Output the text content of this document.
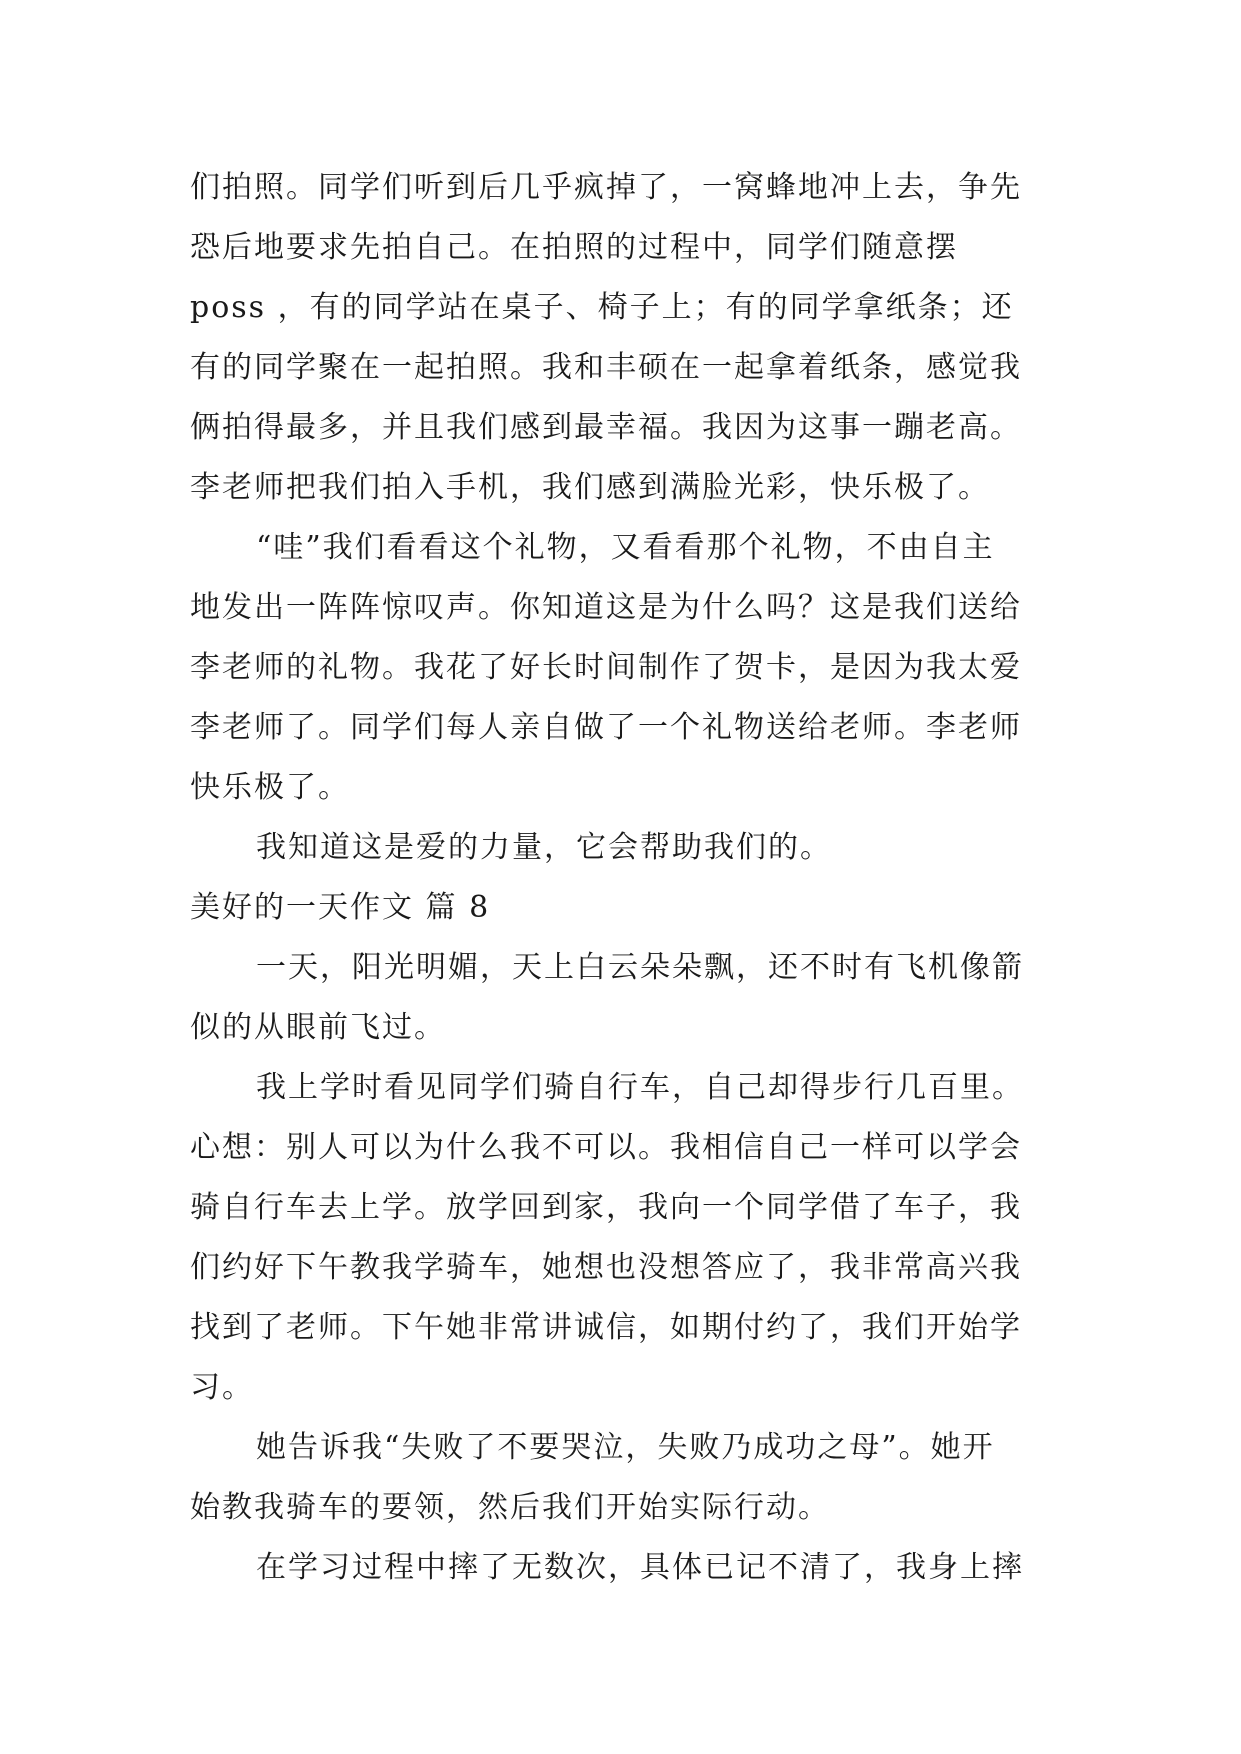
们拍照。同学们听到后几乎疯掉了，一窝蜂地冲上去，争先

恐后地要求先拍自己。在拍照的过程中，同学们随意摆

poss ，有的同学站在桌子、椅子上；有的同学拿纸条；还

有的同学聚在一起拍照。我和丰硕在一起拿着纸条，感觉我

俩拍得最多，并且我们感到最幸福。我因为这事一蹦老高。

李老师把我们拍入手机，我们感到满脸光彩，快乐极了。

“哇”我们看看这个礼物，又看看那个礼物，不由自主

地发出一阵阵惊叹声。你知道这是为什么吗？这是我们送给

李老师的礼物。我花了好长时间制作了贺卡，是因为我太爱

李老师了。同学们每人亲自做了一个礼物送给老师。李老师

快乐极了。

我知道这是爱的力量，它会帮助我们的。

美好的一天作文 篇 8

一天，阳光明媚，天上白云朵朵飘，还不时有飞机像箭

似的从眼前飞过。

我上学时看见同学们骑自行车，自己却得步行几百里。

心想：别人可以为什么我不可以。我相信自己一样可以学会

骑自行车去上学。放学回到家，我向一个同学借了车子，我

们约好下午教我学骑车，她想也没想答应了，我非常高兴我

找到了老师。下午她非常讲诚信，如期付约了，我们开始学

习。

她告诉我“失败了不要哭泣，失败乃成功之母”。她开

始教我骑车的要领，然后我们开始实际行动。

在学习过程中摔了无数次，具体已记不清了，我身上摔
